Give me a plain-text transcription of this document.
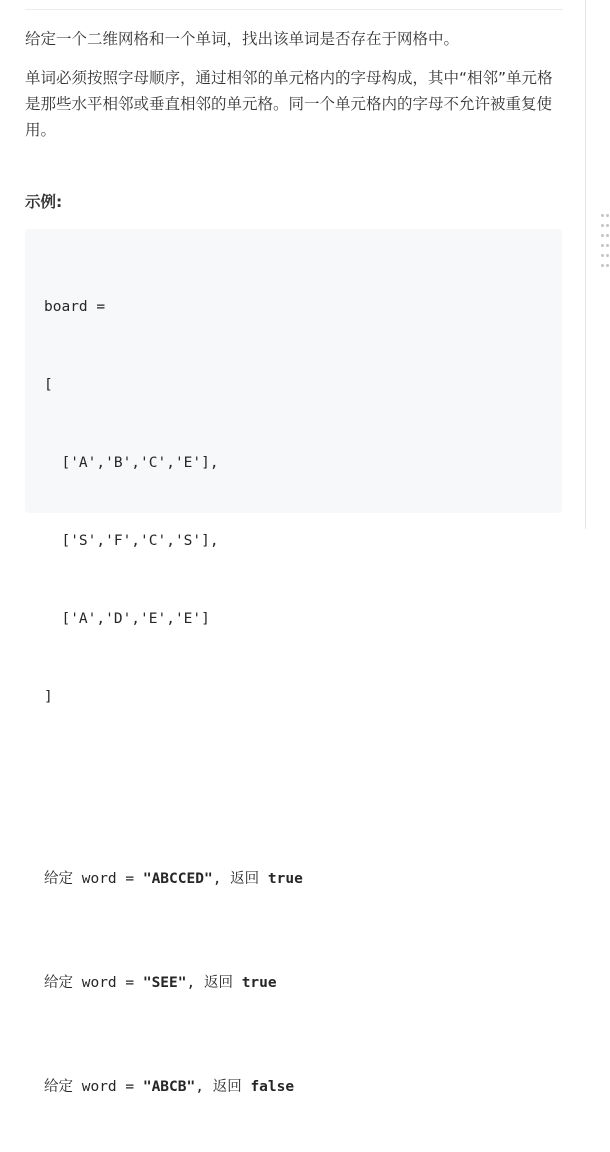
给定一个二维网格和一个单词，找出该单词是否存在于网格中。

单词必须按照字母顺序，通过相邻的单元格内的字母构成，其中“相邻”单元格是那些水平相邻或垂直相邻的单元格。同一个单元格内的字母不允许被重复使用。

示例:

board =

[

['A','B','C','E'],

['S','F','C','S'],

['A','D','E','E']

]

给定 word = "ABCCED", 返回 true

给定 word = "SEE", 返回 true

给定 word = "ABCB", 返回 false
